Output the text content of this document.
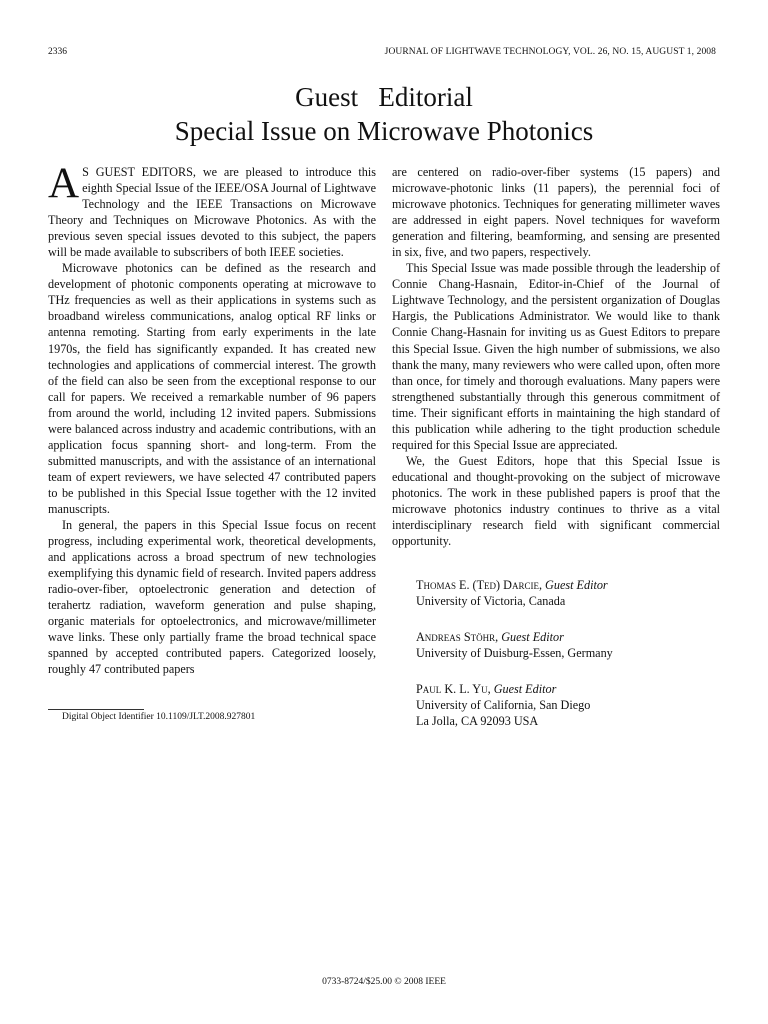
2336	JOURNAL OF LIGHTWAVE TECHNOLOGY, VOL. 26, NO. 15, AUGUST 1, 2008
Guest   Editorial
Special Issue on Microwave Photonics

A S GUEST EDITORS, we are pleased to introduce this eighth Special Issue of the IEEE/OSA Journal of Lightwave Technology and the IEEE Transactions on Microwave Theory and Techniques on Microwave Photonics. As with the previous seven special issues devoted to this subject, the papers will be made available to subscribers of both IEEE societies.

Microwave photonics can be defined as the research and development of photonic components operating at microwave to THz frequencies as well as their applications in systems such as broadband wireless communications, analog optical RF links or antenna remoting. Starting from early experiments in the late 1970s, the field has significantly expanded. It has created new technologies and applications of commercial interest. The growth of the field can also be seen from the exceptional response to our call for papers. We received a remarkable number of 96 papers from around the world, including 12 invited papers. Submissions were balanced across industry and academic contributions, with an application focus spanning short- and long-term. From the submitted manuscripts, and with the assistance of an international team of expert reviewers, we have selected 47 contributed papers to be published in this Special Issue together with the 12 invited manuscripts.

In general, the papers in this Special Issue focus on recent progress, including experimental work, theoretical developments, and applications across a broad spectrum of new technologies exemplifying this dynamic field of research. Invited papers address radio-over-fiber, optoelectronic generation and detection of terahertz radiation, waveform generation and pulse shaping, organic materials for optoelectronics, and microwave/millimeter wave links. These only partially frame the broad technical space spanned by accepted contributed papers. Categorized loosely, roughly 47 contributed papers

are centered on radio-over-fiber systems (15 papers) and microwave-photonic links (11 papers), the perennial foci of microwave photonics. Techniques for generating millimeter waves are addressed in eight papers. Novel techniques for waveform generation and filtering, beamforming, and sensing are presented in six, five, and two papers, respectively.

This Special Issue was made possible through the leadership of Connie Chang-Hasnain, Editor-in-Chief of the Journal of Lightwave Technology, and the persistent organization of Douglas Hargis, the Publications Administrator. We would like to thank Connie Chang-Hasnain for inviting us as Guest Editors to prepare this Special Issue. Given the high number of submissions, we also thank the many, many reviewers who were called upon, often more than once, for timely and thorough evaluations. Many papers were strengthened substantially through this generous commitment of time. Their significant efforts in maintaining the high standard of this publication while adhering to the tight production schedule required for this Special Issue are appreciated.

We, the Guest Editors, hope that this Special Issue is educational and thought-provoking on the subject of microwave photonics. The work in these published papers is proof that the microwave photonics industry continues to thrive as a vital interdisciplinary research field with significant commercial opportunity.

Thomas E. (Ted) Darcie, Guest Editor
University of Victoria, Canada
Andreas Stöhr, Guest Editor
University of Duisburg-Essen, Germany
Paul K. L. Yu, Guest Editor
University of California, San Diego
La Jolla, CA 92093 USA
Digital Object Identifier 10.1109/JLT.2008.927801
0733-8724/$25.00 © 2008 IEEE
